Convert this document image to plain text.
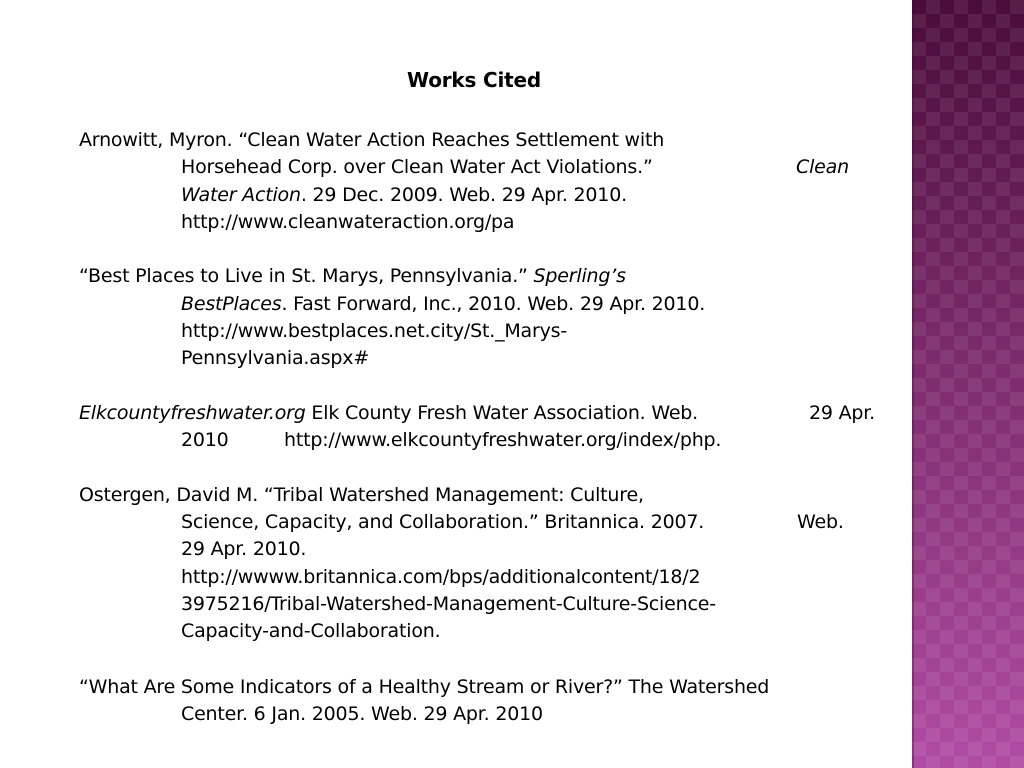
Works Cited
Arnowitt, Myron. “Clean Water Action Reaches Settlement with
Horsehead Corp. over Clean Water Act Violations.”	Clean
Water Action. 29 Dec. 2009. Web. 29 Apr. 2010.
http://www.cleanwateraction.org/pa
“Best Places to Live in St. Marys, Pennsylvania.” Sperling’s
BestPlaces. Fast Forward, Inc., 2010. Web. 29 Apr. 2010.
http://www.bestplaces.net.city/St._Marys-
Pennsylvania.aspx#
Elkcountyfreshwater.org Elk County Fresh Water Association. Web.	29 Apr.
2010	http://www.elkcountyfreshwater.org/index/php.
Ostergen, David M. “Tribal Watershed Management: Culture,
Science, Capacity, and Collaboration.” Britannica. 2007.	Web.
29 Apr. 2010.
http://wwww.britannica.com/bps/additionalcontent/18/2
3975216/Tribal-Watershed-Management-Culture-Science-
Capacity-and-Collaboration.
“What Are Some Indicators of a Healthy Stream or River?” The Watershed
Center. 6 Jan. 2005. Web. 29 Apr. 2010
